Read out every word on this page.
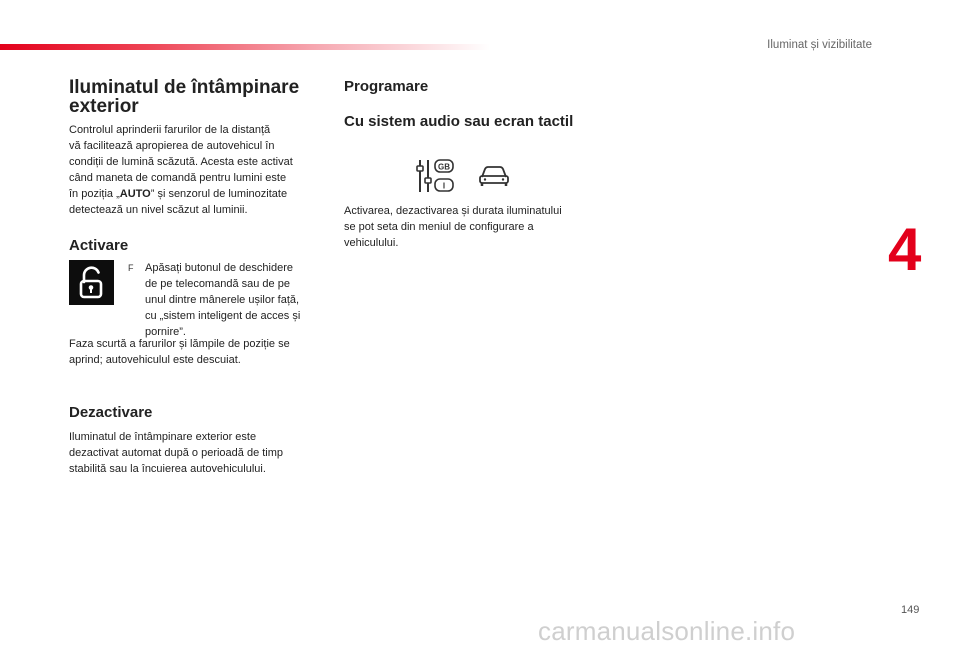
Iluminat și vizibilitate
4
Iluminatul de întâmpinare
exterior

Controlul aprinderii farurilor de la distanță
vă facilitează apropierea de autovehicul în
condiții de lumină scăzută. Acesta este activat
când maneta de comandă pentru lumini este
în poziția „AUTO” și senzorul de luminozitate
detectează un nivel scăzut al luminii.

Activare
F	Apăsați butonul de deschidere
de pe telecomandă sau de pe
unul dintre mânerele ușilor față,
cu „sistem inteligent de acces și
pornire”.

Faza scurtă a farurilor și lămpile de poziție se
aprind; autovehiculul este descuiat.

Dezactivare

Iluminatul de întâmpinare exterior este
dezactivat automat după o perioadă de timp
stabilită sau la încuierea autovehiculului.

Programare
Cu sistem audio sau ecran tactil
GB
I

Activarea, dezactivarea și durata iluminatului
se pot seta din meniul de configurare a
vehiculului.

149
carmanualsonline.info
